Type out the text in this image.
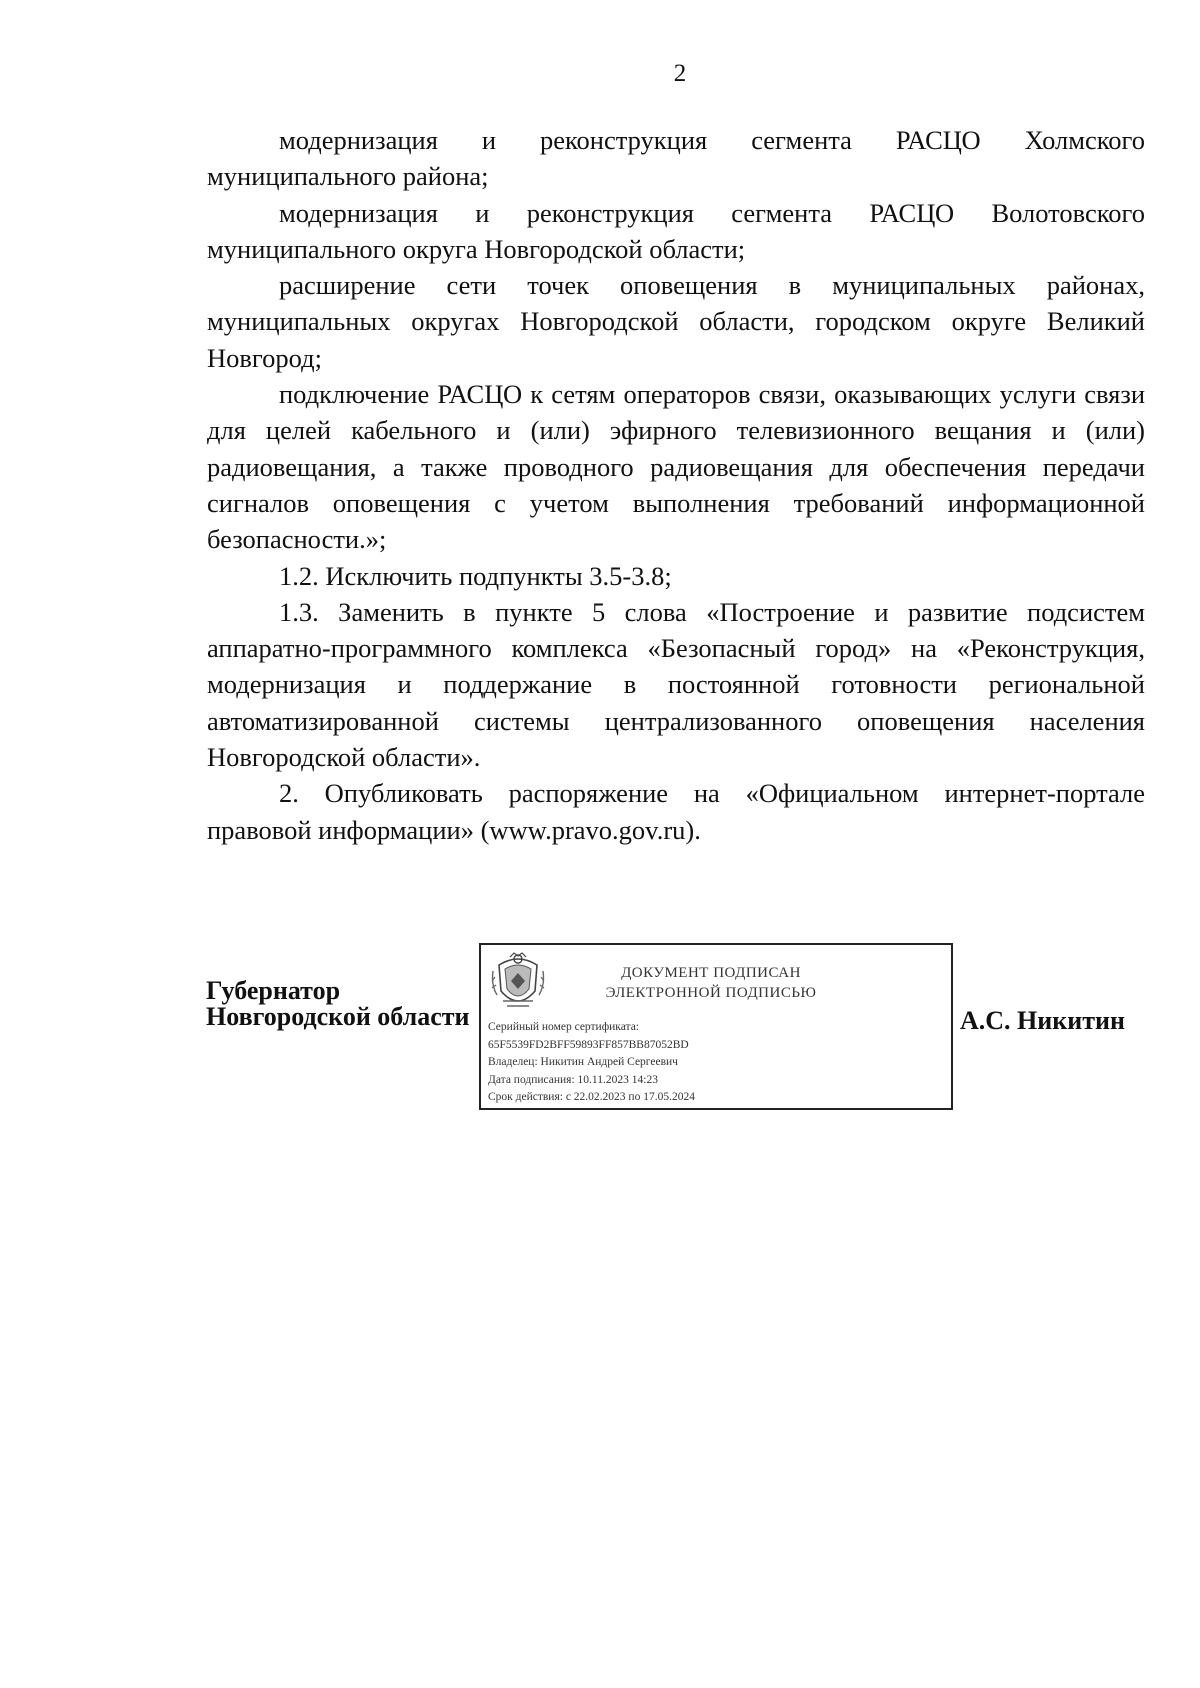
2

модернизация и реконструкция сегмента РАСЦО Холмского муниципального района;

модернизация и реконструкция сегмента РАСЦО Волотовского муниципального округа Новгородской области;

расширение сети точек оповещения в муниципальных районах, муниципальных округах Новгородской области, городском округе Великий Новгород;

подключение РАСЦО к сетям операторов связи, оказывающих услуги связи для целей кабельного и (или) эфирного телевизионного вещания и (или) радиовещания, а также проводного радиовещания для обеспечения передачи сигналов оповещения с учетом выполнения требований информационной безопасности.»;

1.2. Исключить подпункты 3.5-3.8;

1.3. Заменить в пункте 5 слова «Построение и развитие подсистем аппаратно-программного комплекса «Безопасный город» на «Реконструкция, модернизация и поддержание в постоянной готовности региональной автоматизированной системы централизованного оповещения населения Новгородской области».

2. Опубликовать распоряжение на «Официальном интернет-портале правовой информации» (www.pravo.gov.ru).

Губернатор
Новгородской области
ДОКУМЕНТ ПОДПИСАН
ЭЛЕКТРОННОЙ ПОДПИСЬЮ
Серийный номер сертификата:
65F5539FD2BFF59893FF857BB87052BD
Владелец: Никитин Андрей Сергеевич
Дата подписания: 10.11.2023 14:23
Срок действия: с 22.02.2023 по 17.05.2024
А.С. Никитин
